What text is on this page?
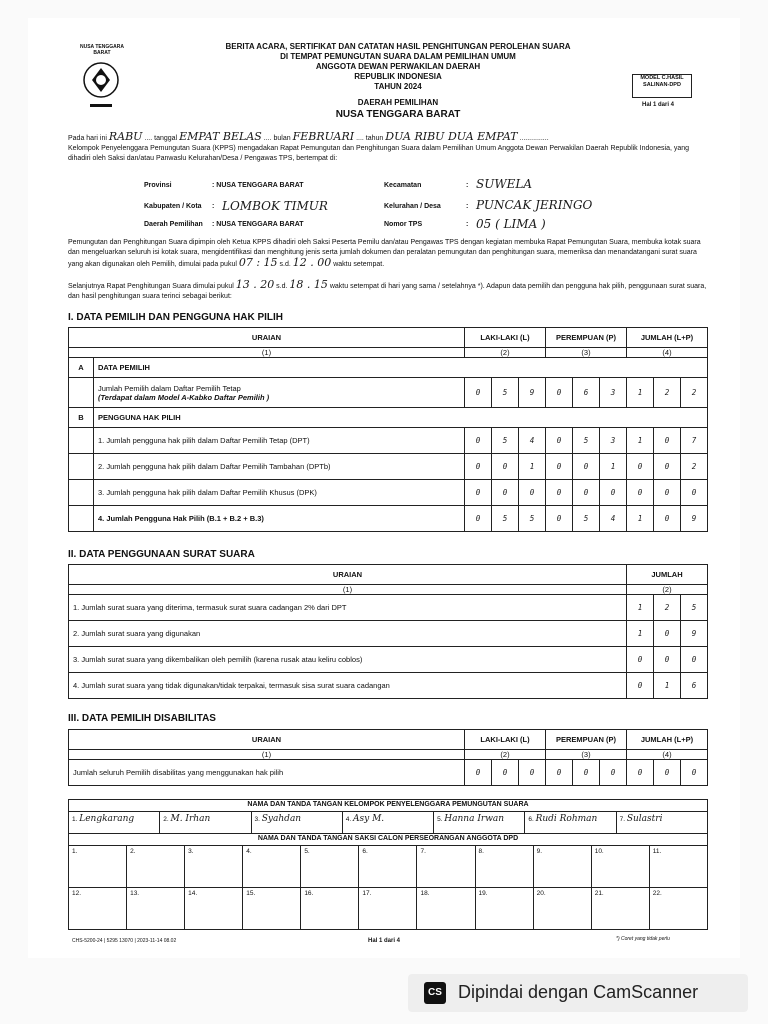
NUSA TENGGARA BARAT
BERITA ACARA, SERTIFIKAT DAN CATATAN HASIL PENGHITUNGAN PEROLEHAN SUARA
DI TEMPAT PEMUNGUTAN SUARA DALAM PEMILIHAN UMUM
ANGGOTA DEWAN PERWAKILAN DAERAH
REPUBLIK INDONESIA
TAHUN 2024
DAERAH PEMILIHAN
NUSA TENGGARA BARAT
MODEL C.HASIL SALINAN-DPD
Hal 1 dari 4
Pada hari ini RABU .... tanggal EMPAT BELAS .... bulan FEBRUARI .... tahun DUA RIBU DUA EMPAT ...............
Kelompok Penyelenggara Pemungutan Suara (KPPS) mengadakan Rapat Pemungutan dan Penghitungan Suara dalam Pemilihan Umum Anggota Dewan Perwakilan Daerah Republik Indonesia, yang dihadiri oleh Saksi dan/atau Panwaslu Kelurahan/Desa / Pengawas TPS, bertempat di:
Provinsi	: NUSA TENGGARA BARAT
Kabupaten / Kota : LOMBOK TIMUR
Daerah Pemilihan : NUSA TENGGARA BARAT
Kecamatan	: SUWELA
Kelurahan / Desa	: PUNCAK JERINGO
Nomor TPS	: 05 ( LIMA )
Pemungutan dan Penghitungan Suara dipimpin oleh Ketua KPPS dihadiri oleh Saksi Peserta Pemilu dan/atau Pengawas TPS dengan kegiatan membuka Rapat Pemungutan Suara, membuka kotak suara dan mengeluarkan seluruh isi kotak suara, mengidentifikasi dan menghitung jenis serta jumlah dokumen dan peralatan pemungutan dan penghitungan suara, memeriksa dan menandatangani surat suara yang akan digunakan oleh Pemilih, dimulai pada pukul 07 : 15 s.d. 12 . 00 waktu setempat.
Selanjutnya Rapat Penghitungan Suara dimulai pukul 13 . 20 s.d. 18 . 15 waktu setempat di hari yang sama / setelahnya *). Adapun data pemilih dan pengguna hak pilih, penggunaan surat suara, dan hasil penghitungan suara terinci sebagai berikut:
I. DATA PEMILIH DAN PENGGUNA HAK PILIH
URAIAN		LAKI-LAKI (L)			PEREMPUAN (P)			JUMLAH (L+P)		
(1)		(2)			(3)			(4)		
A	DATA PEMILIH									

	Jumlah Pemilih dalam Daftar Pemilih Tetap
(Terdapat dalam Model A-Kabko Daftar Pemilih )	0	5	9	0	6	3	1	2	2
B	PENGGUNA HAK PILIH									
	1. Jumlah pengguna hak pilih dalam Daftar Pemilih Tetap (DPT)	0	5	4	0	5	3	1	0	7
	2. Jumlah pengguna hak pilih dalam Daftar Pemilih Tambahan (DPTb)	0	0	1	0	0	1	0	0	2
	3. Jumlah pengguna hak pilih dalam Daftar Pemilih Khusus (DPK)	0	0	0	0	0	0	0	0	0
	4. Jumlah Pengguna Hak Pilih (B.1 + B.2 + B.3)	0	5	5	0	5	4	1	0	9
II. DATA PENGGUNAAN SURAT SUARA
URAIAN	JUMLAH		
(1)	(2)		
1. Jumlah surat suara yang diterima, termasuk surat suara cadangan 2% dari DPT	1	2	5
2. Jumlah surat suara yang digunakan	1	0	9
3. Jumlah surat suara yang dikembalikan oleh pemilih (karena rusak atau keliru coblos)	0	0	0
4. Jumlah surat suara yang tidak digunakan/tidak terpakai, termasuk sisa surat suara cadangan	0	1	6
III. DATA PEMILIH DISABILITAS
URAIAN	LAKI-LAKI (L)			PEREMPUAN (P)			JUMLAH (L+P)		
(1)	(2)			(3)			(4)		
Jumlah seluruh Pemilih disabilitas yang menggunakan hak pilih	0	0	0	0	0	0	0	0	0
NAMA DAN TANDA TANGAN KELOMPOK PENYELENGGARA PEMUNGUTAN SUARA																
1. Lengkarang		2. M. Irhan			3. Syahdan		4. Asy M.			5. Hanna Irwan		6. Rudi Rohman			7. Sulastri	
NAMA DAN TANDA TANGAN SAKSI CALON PERSEORANGAN ANGGOTA DPD																
1.	2.		3.	4.		5.		6.	7.		8.		9.	10.		11.
12.	13.		14.	15.		16.		17.	18.		19.		20.	21.		22.
CHS-5200-24 | 5295 13070 | 2023-11-14 08.02	Hal 1 dari 4	*) Coret yang tidak perlu
CS Dipindai dengan CamScanner
